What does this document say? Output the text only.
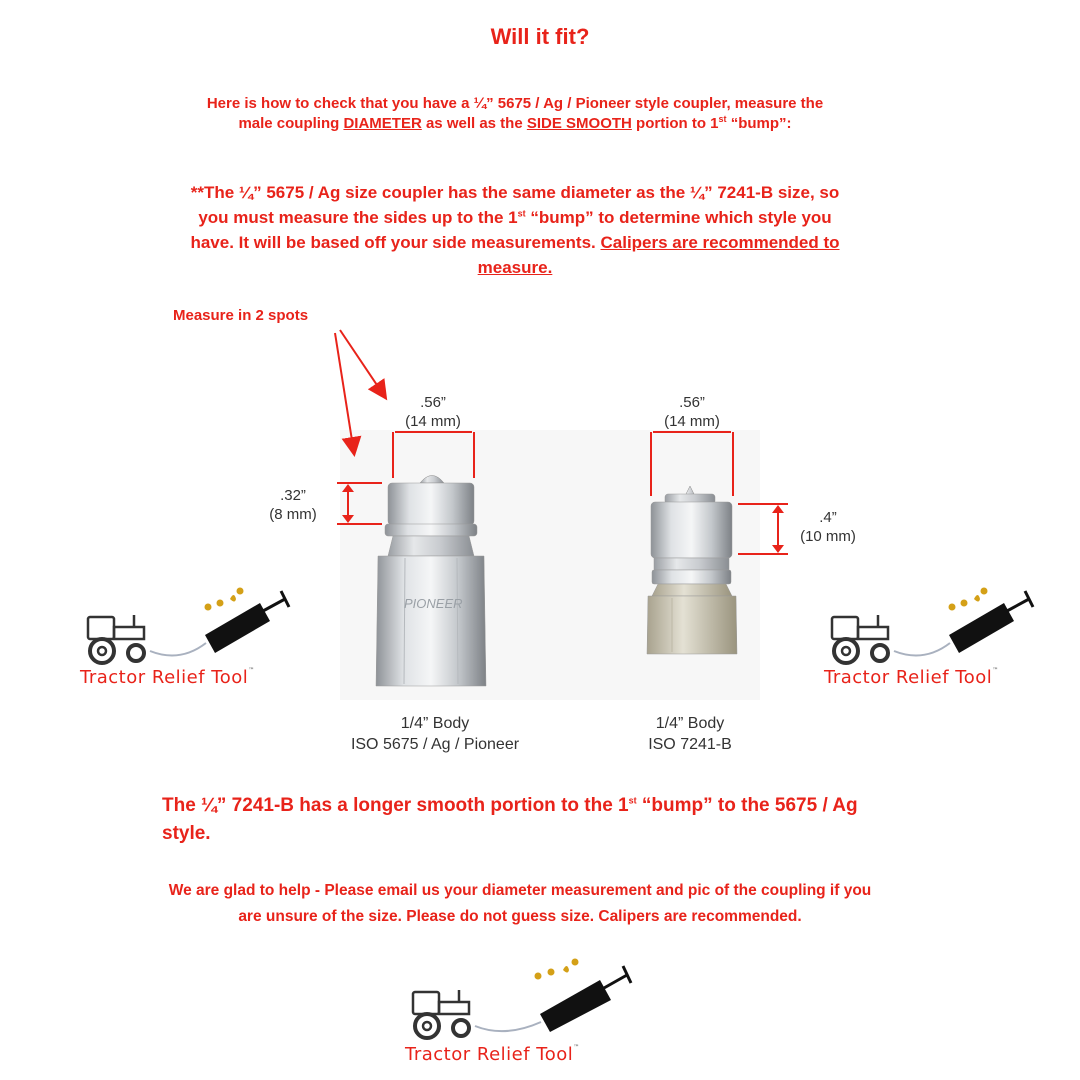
Will it fit?
Here is how to check that you have a ¼” 5675 / Ag / Pioneer style coupler, measure the male coupling DIAMETER as well as the SIDE SMOOTH portion to 1st “bump”:
**The ¼” 5675 / Ag size coupler has the same diameter as the ¼” 7241-B size, so you must measure the sides up to the 1st “bump” to determine which style you have. It will be based off your side measurements. Calipers are recommended to measure.
Measure in 2 spots
PIONEER
.56”
(14 mm)
.32”
(8 mm)
.56”
(14 mm)
.4”
(10 mm)
1/4” Body
ISO 5675 / Ag / Pioneer
1/4” Body
ISO 7241-B
Tractor Relief Tool™	Tractor Relief Tool™
Tractor Relief Tool™
The ¼” 7241-B has a longer smooth portion to the 1st “bump” to the 5675 / Ag style.
We are glad to help - Please email us your diameter measurement and pic of the coupling if you are unsure of the size. Please do not guess size. Calipers are recommended.
